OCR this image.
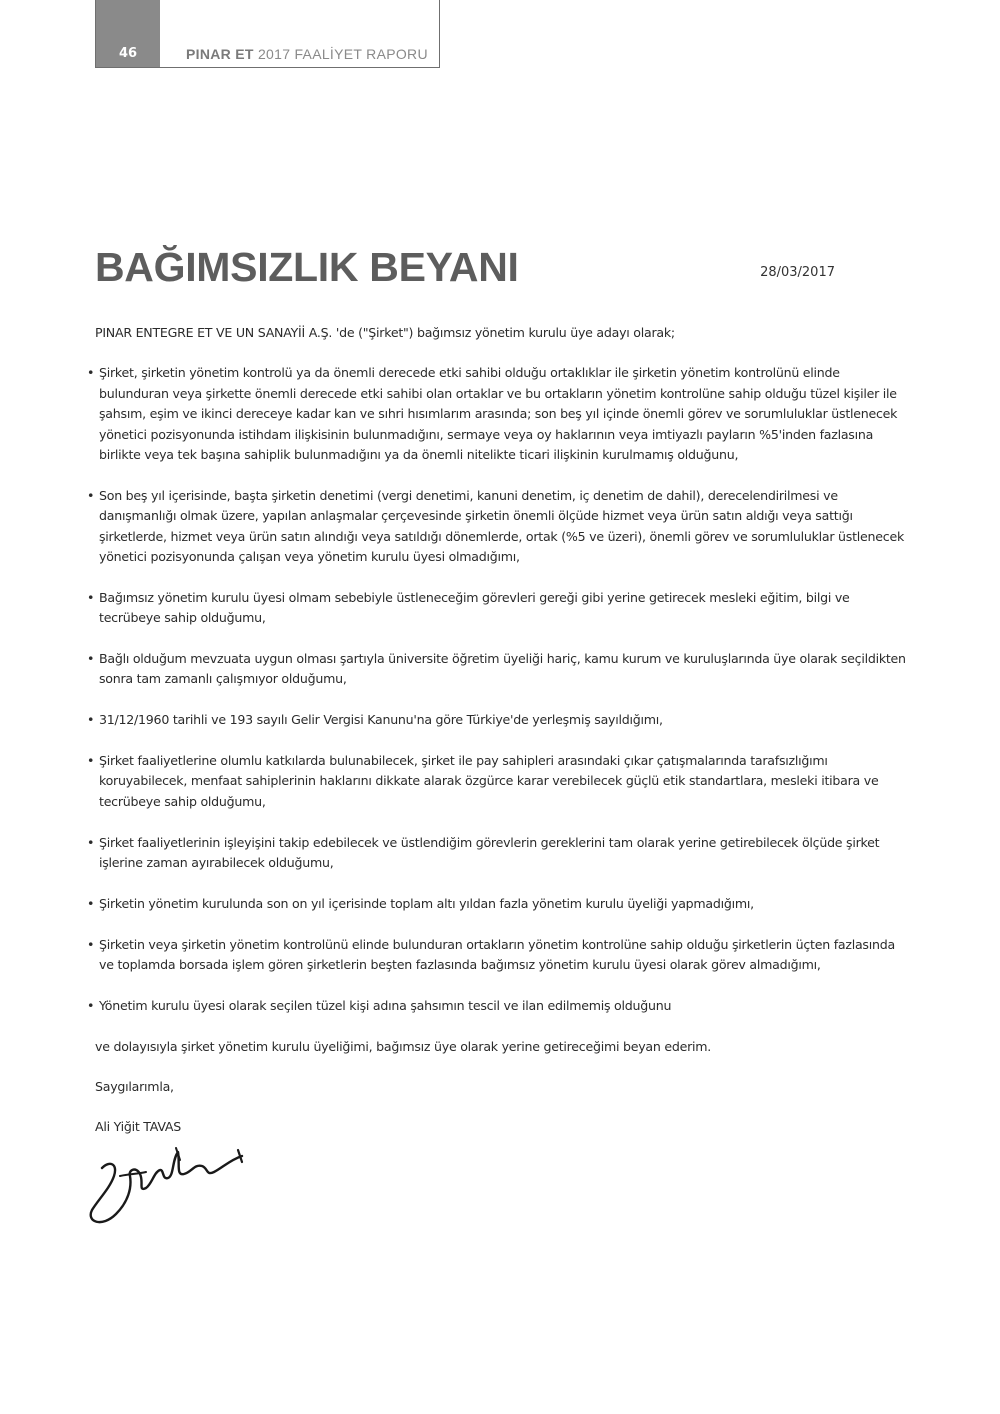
46	PINAR ET 2017 FAALİYET RAPORU
BAĞIMSIZLIK BEYANI	28/03/2017

PINAR ENTEGRE ET VE UN SANAYİİ A.Ş. 'de ("Şirket") bağımsız yönetim kurulu üye adayı olarak;

• Şirket, şirketin yönetim kontrolü ya da önemli derecede etki sahibi olduğu ortaklıklar ile şirketin yönetim kontrolünü elinde bulunduran veya şirkette önemli derecede etki sahibi olan ortaklar ve bu ortakların yönetim kontrolüne sahip olduğu tüzel kişiler ile şahsım, eşim ve ikinci dereceye kadar kan ve sıhri hısımlarım arasında; son beş yıl içinde önemli görev ve sorumluluklar üstlenecek yönetici pozisyonunda istihdam ilişkisinin bulunmadığını, sermaye veya oy haklarının veya imtiyazlı payların %5'inden fazlasına birlikte veya tek başına sahiplik bulunmadığını ya da önemli nitelikte ticari ilişkinin kurulmamış olduğunu,
• Son beş yıl içerisinde, başta şirketin denetimi (vergi denetimi, kanuni denetim, iç denetim de dahil), derecelendirilmesi ve danışmanlığı olmak üzere, yapılan anlaşmalar çerçevesinde şirketin önemli ölçüde hizmet veya ürün satın aldığı veya sattığı şirketlerde, hizmet veya ürün satın alındığı veya satıldığı dönemlerde, ortak (%5 ve üzeri), önemli görev ve sorumluluklar üstlenecek yönetici pozisyonunda çalışan veya yönetim kurulu üyesi olmadığımı,
• Bağımsız yönetim kurulu üyesi olmam sebebiyle üstleneceğim görevleri gereği gibi yerine getirecek mesleki eğitim, bilgi ve tecrübeye sahip olduğumu,
• Bağlı olduğum mevzuata uygun olması şartıyla üniversite öğretim üyeliği hariç, kamu kurum ve kuruluşlarında üye olarak seçildikten sonra tam zamanlı çalışmıyor olduğumu,
• 31/12/1960 tarihli ve 193 sayılı Gelir Vergisi Kanunu'na göre Türkiye'de yerleşmiş sayıldığımı,
• Şirket faaliyetlerine olumlu katkılarda bulunabilecek, şirket ile pay sahipleri arasındaki çıkar çatışmalarında tarafsızlığımı koruyabilecek, menfaat sahiplerinin haklarını dikkate alarak özgürce karar verebilecek güçlü etik standartlara, mesleki itibara ve tecrübeye sahip olduğumu,
• Şirket faaliyetlerinin işleyişini takip edebilecek ve üstlendiğim görevlerin gereklerini tam olarak yerine getirebilecek ölçüde şirket işlerine zaman ayırabilecek olduğumu,
• Şirketin yönetim kurulunda son on yıl içerisinde toplam altı yıldan fazla yönetim kurulu üyeliği yapmadığımı,
• Şirketin veya şirketin yönetim kontrolünü elinde bulunduran ortakların yönetim kontrolüne sahip olduğu şirketlerin üçten fazlasında ve toplamda borsada işlem gören şirketlerin beşten fazlasında bağımsız yönetim kurulu üyesi olarak görev almadığımı,
• Yönetim kurulu üyesi olarak seçilen tüzel kişi adına şahsımın tescil ve ilan edilmemiş olduğunu

ve dolayısıyla şirket yönetim kurulu üyeliğimi, bağımsız üye olarak yerine getireceğimi beyan ederim.

Saygılarımla,

Ali Yiğit TAVAS
